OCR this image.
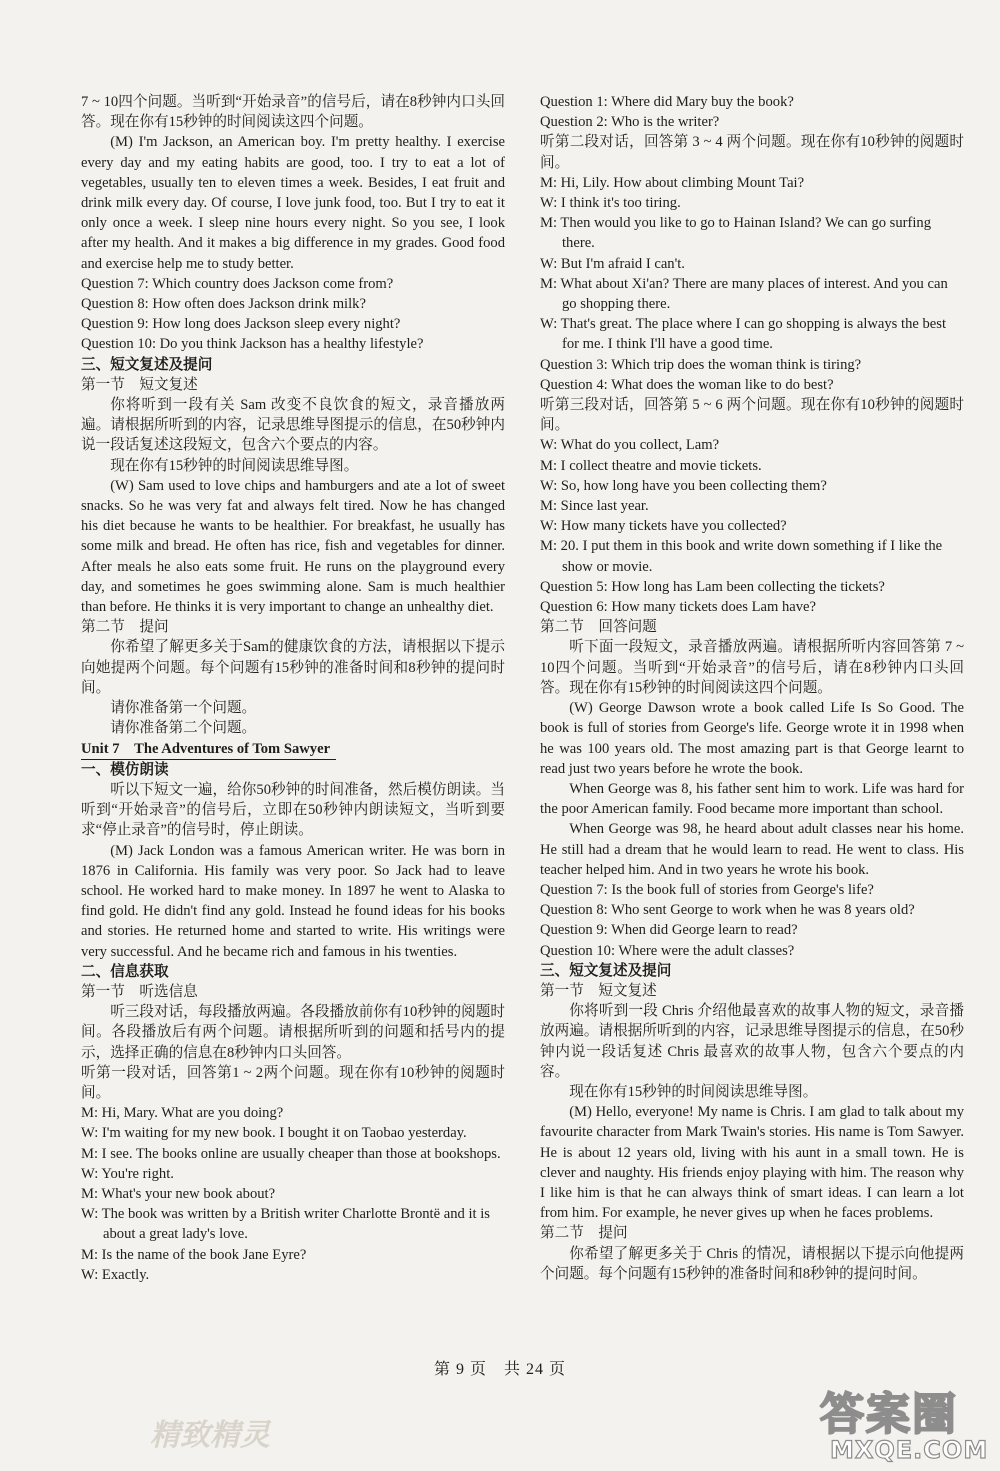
7 ~ 10四个问题。当听到“开始录音”的信号后，请在8秒钟内口头回答。现在你有15秒钟的时间阅读这四个问题。

(M) I'm Jackson, an American boy. I'm pretty healthy. I exercise every day and my eating habits are good, too. I try to eat a lot of vegetables, usually ten to eleven times a week. Besides, I eat fruit and drink milk every day. Of course, I love junk food, too. But I try to eat it only once a week. I sleep nine hours every night. So you see, I look after my health. And it makes a big difference in my grades. Good food and exercise help me to study better.

Question 7: Which country does Jackson come from?

Question 8: How often does Jackson drink milk?

Question 9: How long does Jackson sleep every night?

Question 10: Do you think Jackson has a healthy lifestyle?

三、短文复述及提问

第一节　短文复述

你将听到一段有关 Sam 改变不良饮食的短文，录音播放两遍。请根据所听到的内容，记录思维导图提示的信息，在50秒钟内说一段话复述这段短文，包含六个要点的内容。

现在你有15秒钟的时间阅读思维导图。

(W) Sam used to love chips and hamburgers and ate a lot of sweet snacks. So he was very fat and always felt tired. Now he has changed his diet because he wants to be healthier. For breakfast, he usually has some milk and bread. He often has rice, fish and vegetables for dinner. After meals he also eats some fruit. He runs on the playground every day, and sometimes he goes swimming alone. Sam is much healthier than before. He thinks it is very important to change an unhealthy diet.

第二节　提问

你希望了解更多关于Sam的健康饮食的方法，请根据以下提示向她提两个问题。每个问题有15秒钟的准备时间和8秒钟的提问时间。

请你准备第一个问题。

请你准备第二个问题。

Unit 7　The Adventures of Tom Sawyer

一、模仿朗读

听以下短文一遍，给你50秒钟的时间准备，然后模仿朗读。当听到“开始录音”的信号后，立即在50秒钟内朗读短文，当听到要求“停止录音”的信号时，停止朗读。

(M) Jack London was a famous American writer. He was born in 1876 in California. His family was very poor. So Jack had to leave school. He worked hard to make money. In 1897 he went to Alaska to find gold. He didn't find any gold. Instead he found ideas for his books and stories. He returned home and started to write. His writings were very successful. And he became rich and famous in his twenties.

二、信息获取

第一节　听选信息

听三段对话，每段播放两遍。各段播放前你有10秒钟的阅题时间。各段播放后有两个问题。请根据所听到的问题和括号内的提示，选择正确的信息在8秒钟内口头回答。

听第一段对话，回答第1 ~ 2两个问题。现在你有10秒钟的阅题时间。

M: Hi, Mary. What are you doing?

W: I'm waiting for my new book. I bought it on Taobao yesterday.

M: I see. The books online are usually cheaper than those at bookshops.

W: You're right.

M: What's your new book about?

W: The book was written by a British writer Charlotte Brontë and it is about a great lady's love.

M: Is the name of the book Jane Eyre?

W: Exactly.

Question 1: Where did Mary buy the book?

Question 2: Who is the writer?

听第二段对话，回答第 3 ~ 4 两个问题。现在你有10秒钟的阅题时间。

M: Hi, Lily. How about climbing Mount Tai?

W: I think it's too tiring.

M: Then would you like to go to Hainan Island? We can go surfing there.

W: But I'm afraid I can't.

M: What about Xi'an? There are many places of interest. And you can go shopping there.

W: That's great. The place where I can go shopping is always the best for me. I think I'll have a good time.

Question 3: Which trip does the woman think is tiring?

Question 4: What does the woman like to do best?

听第三段对话，回答第 5 ~ 6 两个问题。现在你有10秒钟的阅题时间。

W: What do you collect, Lam?

M: I collect theatre and movie tickets.

W: So, how long have you been collecting them?

M: Since last year.

W: How many tickets have you collected?

M: 20. I put them in this book and write down something if I like the show or movie.

Question 5: How long has Lam been collecting the tickets?

Question 6: How many tickets does Lam have?

第二节　回答问题

听下面一段短文，录音播放两遍。请根据所听内容回答第 7 ~ 10四个问题。当听到“开始录音”的信号后，请在8秒钟内口头回答。现在你有15秒钟的时间阅读这四个问题。

(W) George Dawson wrote a book called Life Is So Good. The book is full of stories from George's life. George wrote it in 1998 when he was 100 years old. The most amazing part is that George learnt to read just two years before he wrote the book.

When George was 8, his father sent him to work. Life was hard for the poor American family. Food became more important than school.

When George was 98, he heard about adult classes near his home. He still had a dream that he would learn to read. He went to class. His teacher helped him. And in two years he wrote his book.

Question 7: Is the book full of stories from George's life?

Question 8: Who sent George to work when he was 8 years old?

Question 9: When did George learn to read?

Question 10: Where were the adult classes?

三、短文复述及提问

第一节　短文复述

你将听到一段 Chris 介绍他最喜欢的故事人物的短文，录音播放两遍。请根据所听到的内容，记录思维导图提示的信息，在50秒钟内说一段话复述 Chris 最喜欢的故事人物，包含六个要点的内容。

现在你有15秒钟的时间阅读思维导图。

(M) Hello, everyone! My name is Chris. I am glad to talk about my favourite character from Mark Twain's stories. His name is Tom Sawyer. He is about 12 years old, living with his aunt in a small town. He is clever and naughty. His friends enjoy playing with him. The reason why I like him is that he can always think of smart ideas. I can learn a lot from him. For example, he never gives up when he faces problems.

第二节　提问

你希望了解更多关于 Chris 的情况，请根据以下提示向他提两个问题。每个问题有15秒钟的准备时间和8秒钟的提问时间。

第 9 页　共 24 页
精致精灵	答案圈
MXQE.COM
